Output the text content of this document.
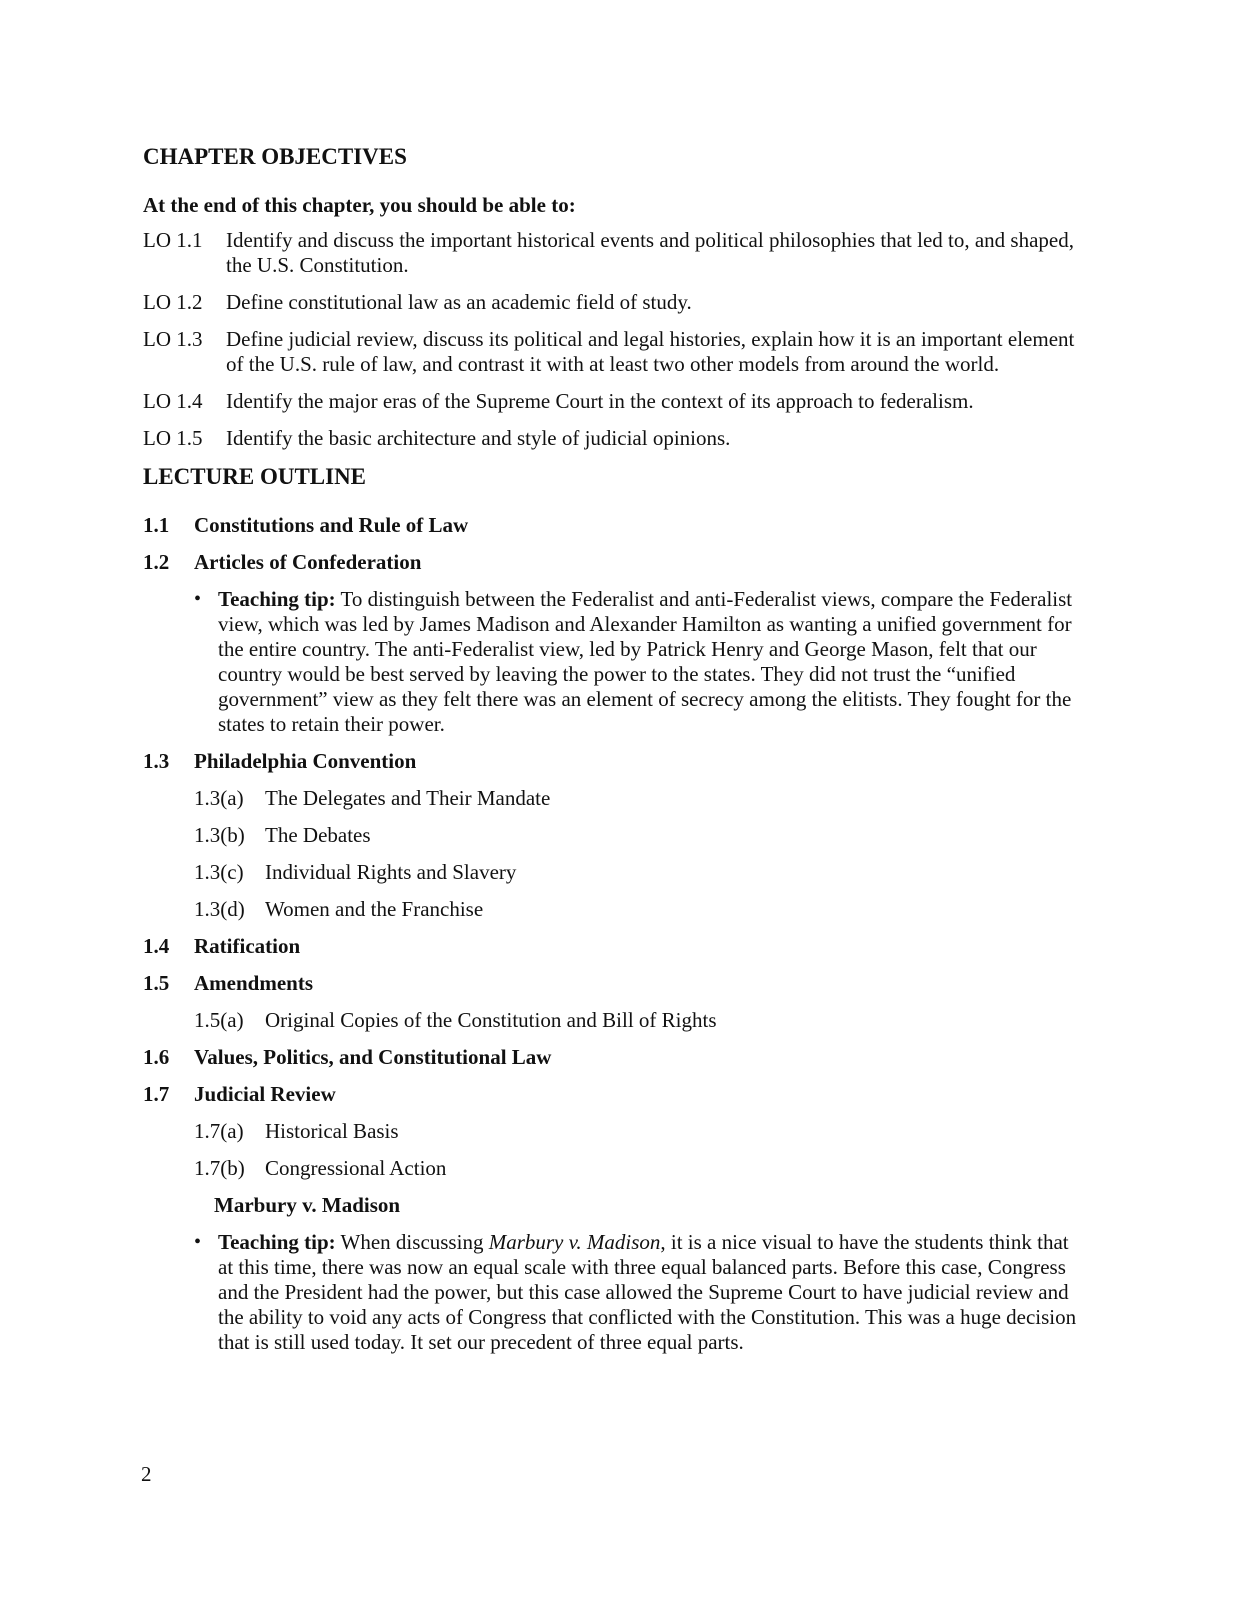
CHAPTER OBJECTIVES
At the end of this chapter, you should be able to:
LO 1.1	Identify and discuss the important historical events and political philosophies that led to, and shaped, the U.S. Constitution.
LO 1.2	Define constitutional law as an academic field of study.
LO 1.3	Define judicial review, discuss its political and legal histories, explain how it is an important element of the U.S. rule of law, and contrast it with at least two other models from around the world.
LO 1.4	Identify the major eras of the Supreme Court in the context of its approach to federalism.
LO 1.5	Identify the basic architecture and style of judicial opinions.
LECTURE OUTLINE
1.1	Constitutions and Rule of Law
1.2	Articles of Confederation
• Teaching tip: To distinguish between the Federalist and anti-Federalist views, compare the Federalist view, which was led by James Madison and Alexander Hamilton as wanting a unified government for the entire country. The anti-Federalist view, led by Patrick Henry and George Mason, felt that our country would be best served by leaving the power to the states. They did not trust the “unified government” view as they felt there was an element of secrecy among the elitists. They fought for the states to retain their power.
1.3	Philadelphia Convention
1.3(a)	The Delegates and Their Mandate
1.3(b) The Debates
1.3(c)	Individual Rights and Slavery
1.3(d) Women and the Franchise
1.4	Ratification
1.5	Amendments
1.5(a)	Original Copies of the Constitution and Bill of Rights
1.6	Values, Politics, and Constitutional Law
1.7	Judicial Review
1.7(a)	Historical Basis
1.7(b) Congressional Action
Marbury v. Madison
• Teaching tip: When discussing Marbury v. Madison, it is a nice visual to have the students think that at this time, there was now an equal scale with three equal balanced parts. Before this case, Congress and the President had the power, but this case allowed the Supreme Court to have judicial review and the ability to void any acts of Congress that conflicted with the Constitution. This was a huge decision that is still used today. It set our precedent of three equal parts.
2
